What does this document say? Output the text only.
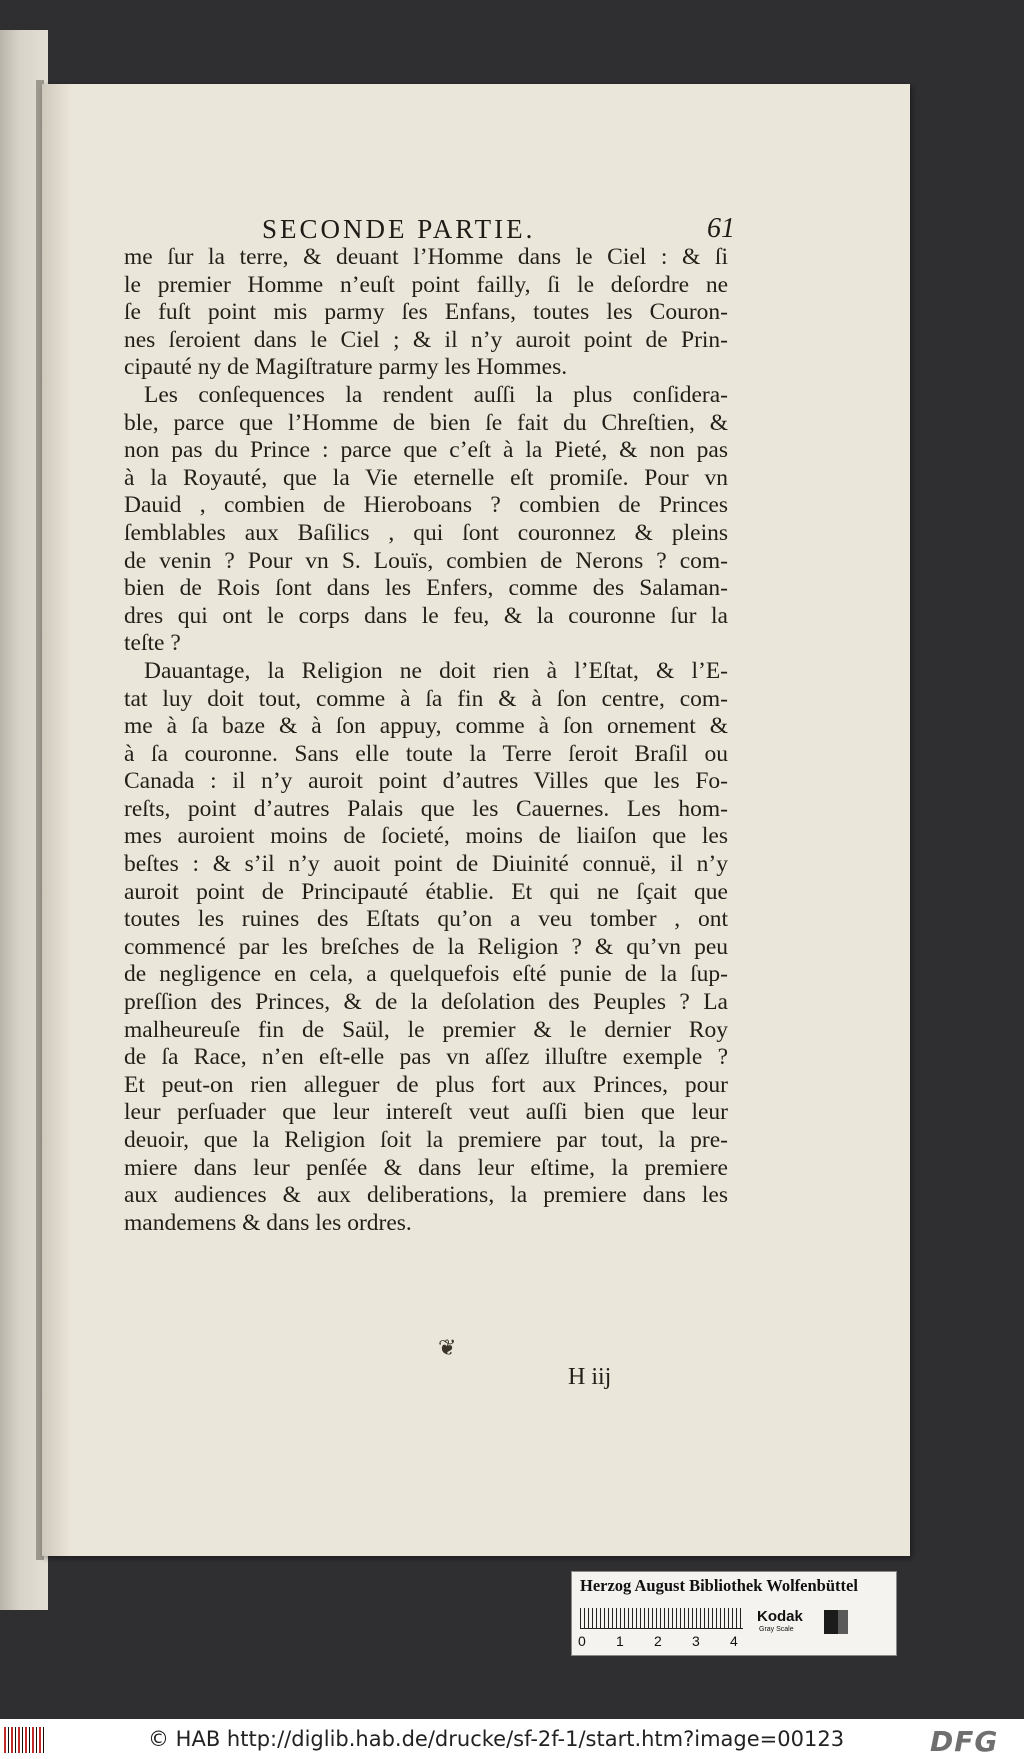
SECONDE PARTIE.	61
me ſur la terre, & deuant l’Homme dans le Ciel : & ſi
le premier Homme n’euſt point failly, ſi le deſordre ne
ſe fuſt point mis parmy ſes Enfans, toutes les Couron-
nes ſeroient dans le Ciel ; & il n’y auroit point de Prin-
cipauté ny de Magiſtrature parmy les Hommes.
Les conſequences la rendent auſſi la plus conſidera-
ble, parce que l’Homme de bien ſe fait du Chreſtien, &
non pas du Prince : parce que c’eſt à la Pieté, & non pas
à la Royauté, que la Vie eternelle eſt promiſe. Pour vn
Dauid , combien de Hieroboans ? combien de Princes
ſemblables aux Baſilics , qui ſont couronnez & pleins
de venin ? Pour vn S. Louïs, combien de Nerons ? com-
bien de Rois ſont dans les Enfers, comme des Salaman-
dres qui ont le corps dans le feu, & la couronne ſur la
teſte ?
Dauantage, la Religion ne doit rien à l’Eſtat, & l’E-
tat luy doit tout, comme à ſa fin & à ſon centre, com-
me à ſa baze & à ſon appuy, comme à ſon ornement &
à ſa couronne. Sans elle toute la Terre ſeroit Braſil ou
Canada : il n’y auroit point d’autres Villes que les Fo-
reſts, point d’autres Palais que les Cauernes. Les hom-
mes auroient moins de ſocieté, moins de liaiſon que les
beſtes : & s’il n’y auoit point de Diuinité connuë, il n’y
auroit point de Principauté établie. Et qui ne ſçait que
toutes les ruines des Eſtats qu’on a veu tomber , ont
commencé par les breſches de la Religion ? & qu’vn peu
de negligence en cela, a quelquefois eſté punie de la ſup-
preſſion des Princes, & de la deſolation des Peuples ? La
malheureuſe fin de Saül, le premier & le dernier Roy
de ſa Race, n’en eſt-elle pas vn aſſez illuſtre exemple ?
Et peut-on rien alleguer de plus fort aux Princes, pour
leur perſuader que leur intereſt veut auſſi bien que leur
deuoir, que la Religion ſoit la premiere par tout, la pre-
miere dans leur penſée & dans leur eſtime, la premiere
aux audiences & aux deliberations, la premiere dans les
mandemens & dans les ordres.
❦
H iij
Herzog August Bibliothek Wolfenbüttel
0 1 2 3 4
Kodak
Gray Scale
© HAB http://diglib.hab.de/drucke/sf-2f-1/start.htm?image=00123	DFG
